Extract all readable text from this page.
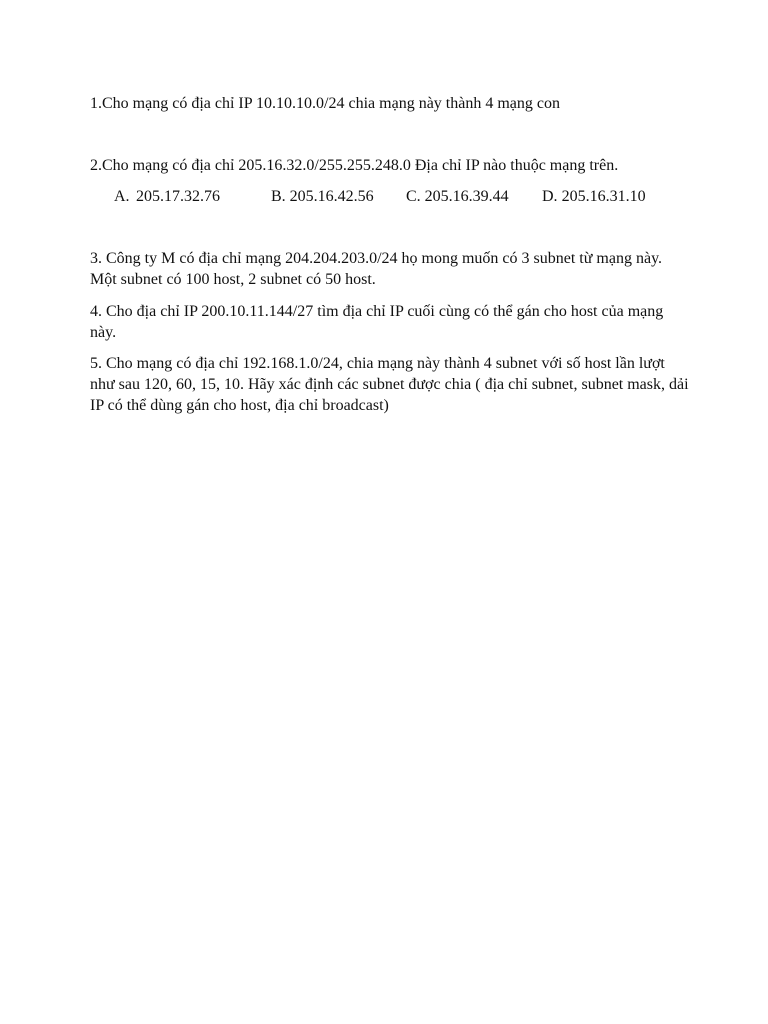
1.Cho mạng có địa chỉ IP 10.10.10.0/24 chia mạng này thành 4 mạng con
2.Cho mạng có địa chỉ 205.16.32.0/255.255.248.0 Địa chỉ IP nào thuộc mạng trên.
A. 205.17.32.76	B. 205.16.42.56 C. 205.16.39.44 D. 205.16.31.10
3. Công ty M có địa chỉ mạng 204.204.203.0/24 họ mong muốn có 3 subnet từ mạng này. Một subnet có 100 host, 2 subnet có 50 host.
4. Cho địa chỉ IP 200.10.11.144/27 tìm địa chỉ IP cuối cùng có thể gán cho host của mạng này.
5. Cho mạng có địa chỉ 192.168.1.0/24, chia mạng này thành 4 subnet với số host lần lượt như sau 120, 60, 15, 10. Hãy xác định các subnet được chia ( địa chỉ subnet, subnet mask, dải IP có thể dùng gán cho host, địa chỉ broadcast)
